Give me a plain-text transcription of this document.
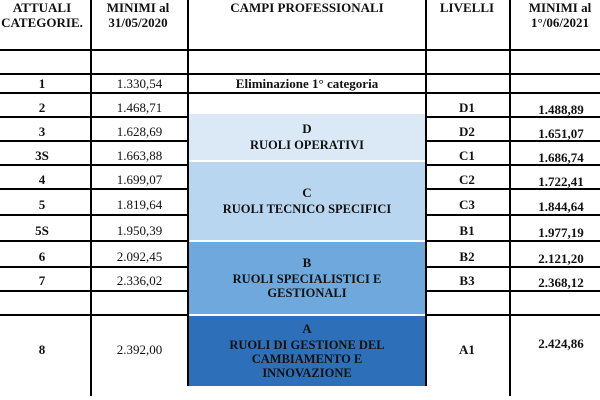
ATTUALI
CATEGORIE.
MINIMI al
31/05/2020
CAMPI PROFESSIONALI	LIVELLI	MINIMI al
1°/06/2021
D
RUOLI OPERATIVI
C
RUOLI TECNICO SPECIFICI
B
RUOLI SPECIALISTICI E
GESTIONALI
A
RUOLI DI GESTIONE DEL
CAMBIAMENTO E
INNOVAZIONE
1
2
3
3S
4
5
5S
6
7
8
1.330,54
1.468,71
1.628,69
1.663,88
1.699,07
1.819,64
1.950,39
2.092,45
2.336,02
2.392,00
Eliminazione 1° categoria
D1
D2
C1
C2
C3
B1
B2
B3
A1
1.488,89
1.651,07
1.686,74
1.722,41
1.844,64
1.977,19
2.121,20
2.368,12
2.424,86
